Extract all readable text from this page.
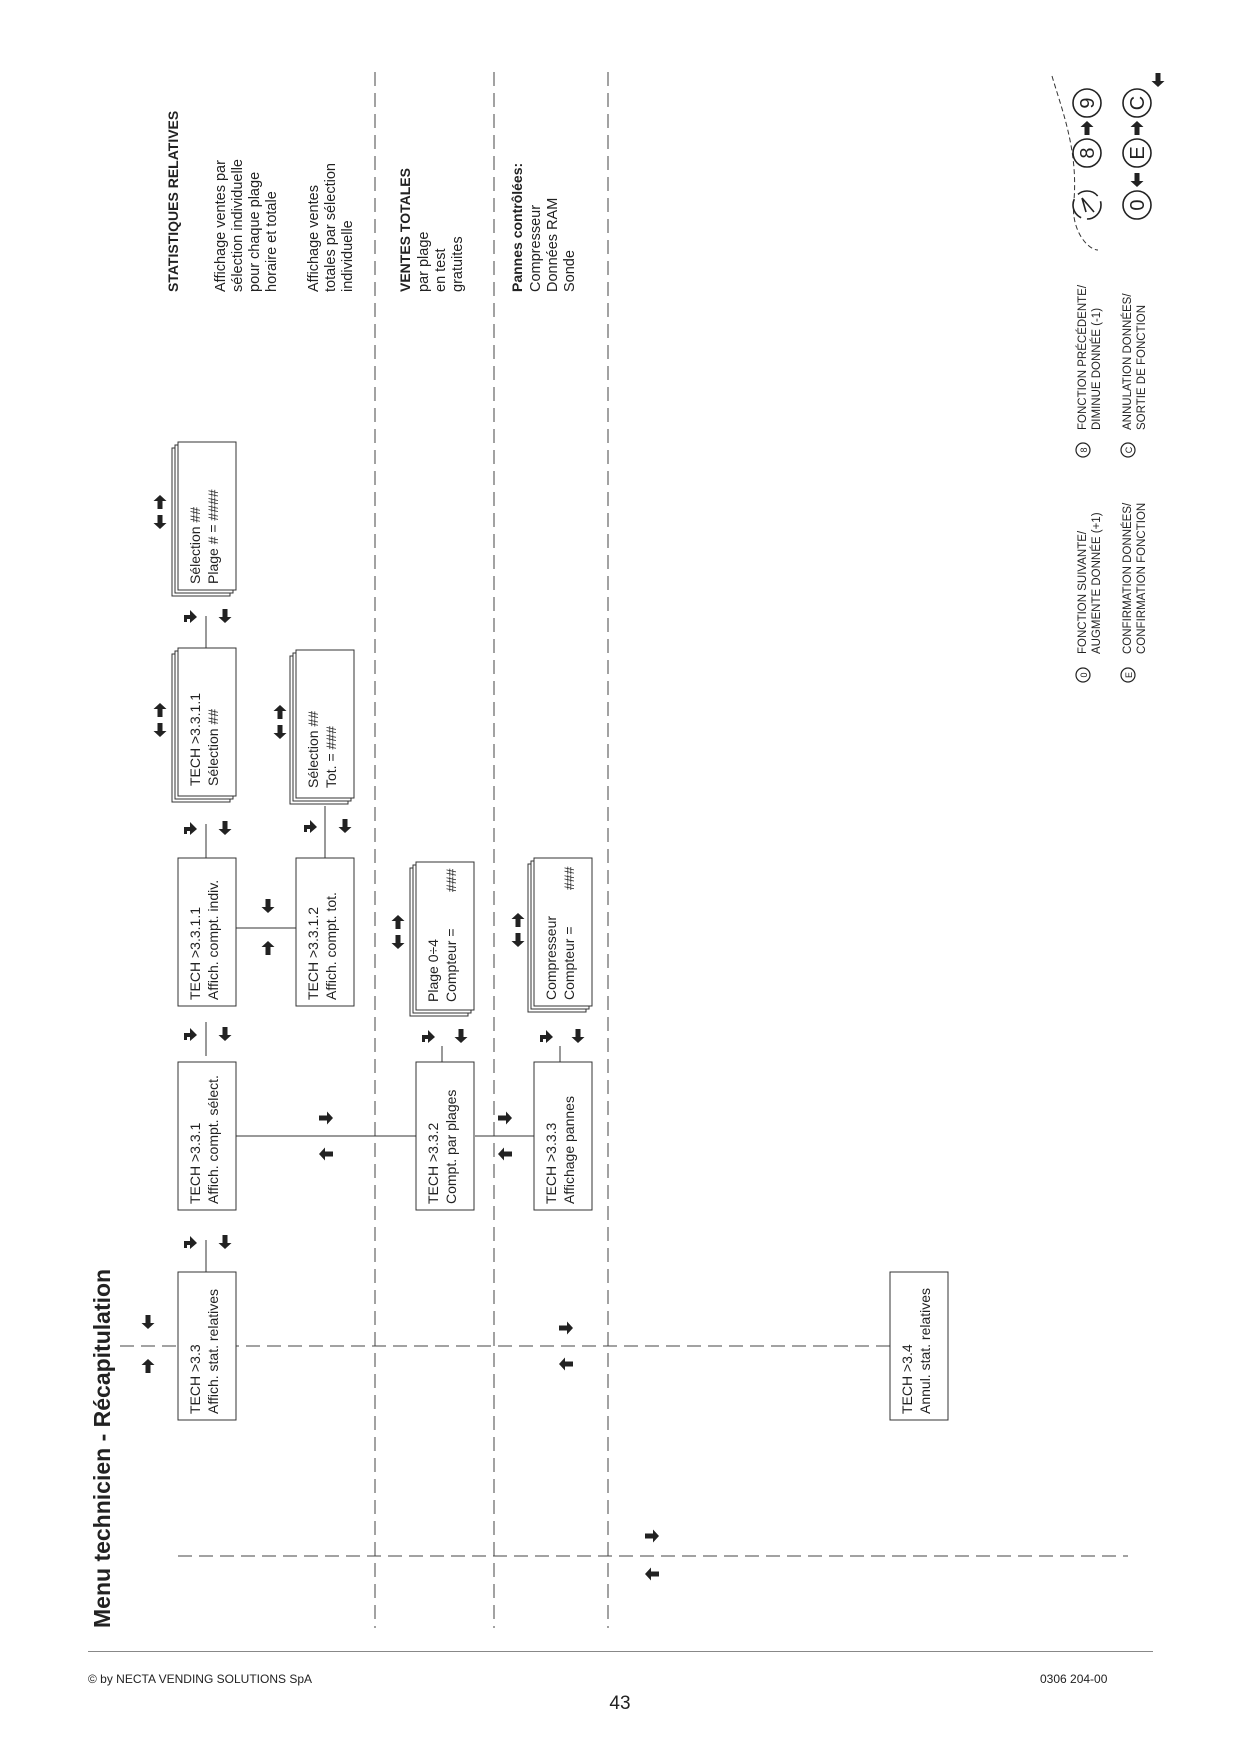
Menu technicien - Récapitulation	TECH >3.3 Affich. stat. relatives
TECH >3.3.1 Affich. compt. sélect.
TECH >3.3.1.1 Affich. compt. indiv.
TECH >3.3.1.1 Sélection ##
Sélection ## Plage # = ####
TECH >3.3.1.2 Affich. compt. tot.
Sélection ## Tot. = ###
TECH >3.3.2 Compt. par plages
Plage 0÷4 Compteur =
###
TECH >3.3.3 Affichage pannes
Compresseur Compteur =
###
TECH >3.4 Annul. stat. relatives
STATISTIQUES RELATIVES Affichage ventes par sélection individuelle pour chaque plage horaire et totale Affichage ventes totales par sélection individuelle	VENTES TOTALES par plage en test gratuites	Pannes contrôlées: Compresseur Données RAM Sonde
9
8
C
E
0
0
FONCTION SUIVANTE/ AUGMENTE DONNÉE (+1)
8
FONCTION PRÉCÉDENTE/ DIMINUE DONNÉE (-1)
E
CONFIRMATION DONNÉES/ CONFIRMATION FONCTION
C
ANNULATION DONNÉES/ SORTIE DE FONCTION
© by NECTA VENDING SOLUTIONS SpA
43
0306 204-00
